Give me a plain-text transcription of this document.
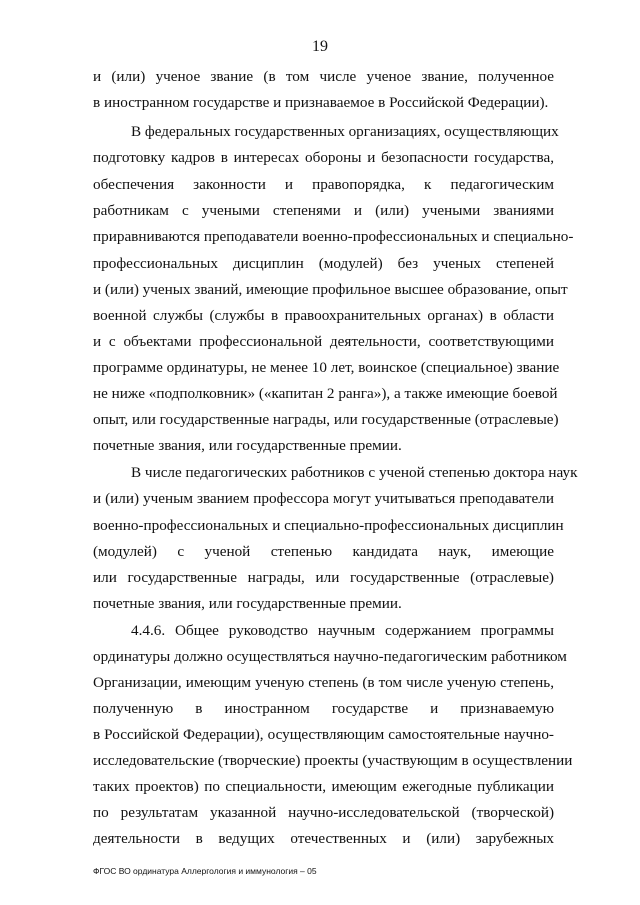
19
и (или) ученое звание (в том числе ученое звание, полученное
в иностранном государстве и признаваемое в Российской Федерации).
В федеральных государственных организациях, осуществляющих
подготовку кадров в интересах обороны и безопасности государства,
обеспечения законности и правопорядка, к педагогическим
работникам с учеными степенями и (или) учеными званиями
приравниваются преподаватели военно-профессиональных и специально-
профессиональных дисциплин (модулей) без ученых степеней
и (или) ученых званий, имеющие профильное высшее образование, опыт
военной службы (службы в правоохранительных органах) в области
и с объектами профессиональной деятельности, соответствующими
программе ординатуры, не менее 10 лет, воинское (специальное) звание
не ниже «подполковник» («капитан 2 ранга»), а также имеющие боевой
опыт, или государственные награды, или государственные (отраслевые)
почетные звания, или государственные премии.
В числе педагогических работников с ученой степенью доктора наук
и (или) ученым званием профессора могут учитываться преподаватели
военно-профессиональных и специально-профессиональных дисциплин
(модулей) с ученой степенью кандидата наук, имеющие
или государственные награды, или государственные (отраслевые)
почетные звания, или государственные премии.
4.4.6. Общее руководство научным содержанием программы
ординатуры должно осуществляться научно-педагогическим работником
Организации, имеющим ученую степень (в том числе ученую степень,
полученную в иностранном государстве и признаваемую
в Российской Федерации), осуществляющим самостоятельные научно-
исследовательские (творческие) проекты (участвующим в осуществлении
таких проектов) по специальности, имеющим ежегодные публикации
по результатам указанной научно-исследовательской (творческой)
деятельности в ведущих отечественных и (или) зарубежных
ФГОС ВО ординатура Аллергология и иммунология – 05
